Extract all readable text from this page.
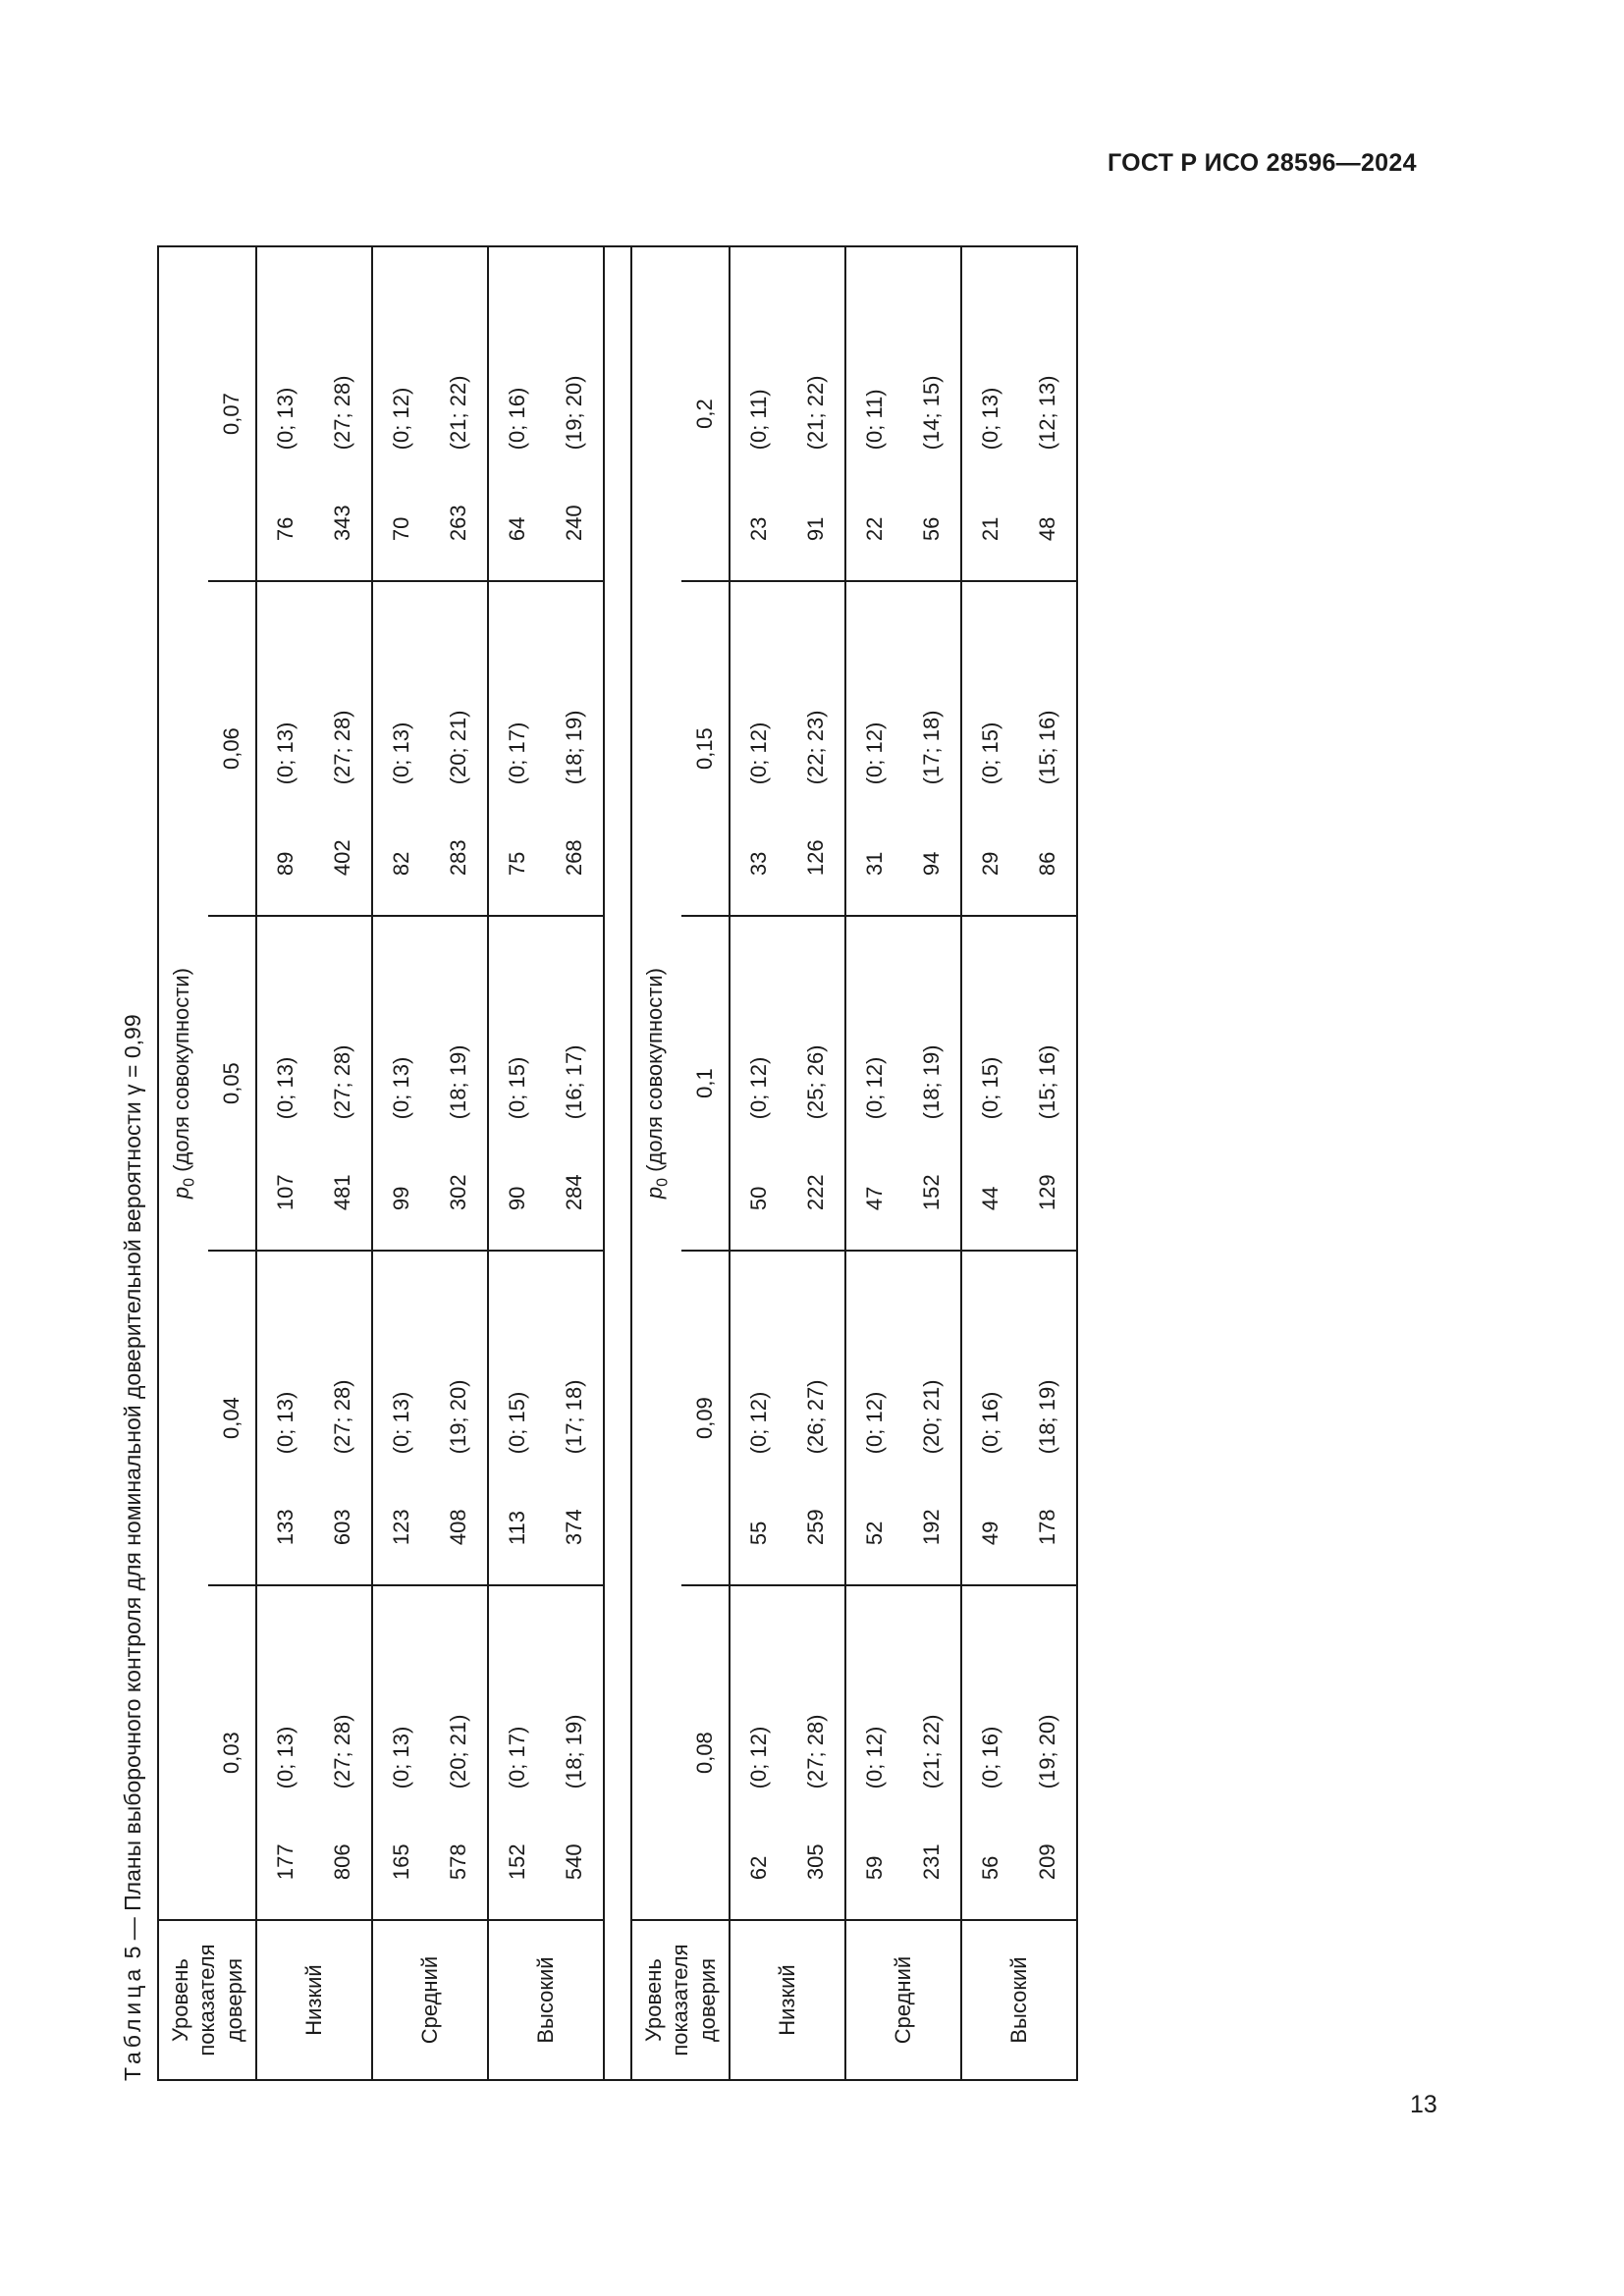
ГОСТ Р ИСО 28596—2024
13
Таблица 5 — Планы выборочного контроля для номинальной доверительной вероятности γ = 0,99
Уровень показателя доверия	$p_0$ (доля совокупности)									
	0,03		0,04		0,05		0,06		0,07	
Низкий	177	(0; 13)	133	(0; 13)	107	(0; 13)	89	(0; 13)	76	(0; 13)
	806	(27; 28)	603	(27; 28)	481	(27; 28)	402	(27; 28)	343	(27; 28)
Средний	165	(0; 13)	123	(0; 13)	99	(0; 13)	82	(0; 13)	70	(0; 12)
	578	(20; 21)	408	(19; 20)	302	(18; 19)	283	(20; 21)	263	(21; 22)
Высокий	152	(0; 17)	113	(0; 15)	90	(0; 15)	75	(0; 17)	64	(0; 16)
	540	(18; 19)	374	(17; 18)	284	(16; 17)	268	(18; 19)	240	(19; 20)

Уровень показателя доверия	$p_0$ (доля совокупности)									
	0,08		0,09		0,1		0,15		0,2	
Низкий	62	(0; 12)	55	(0; 12)	50	(0; 12)	33	(0; 12)	23	(0; 11)
	305	(27; 28)	259	(26; 27)	222	(25; 26)	126	(22; 23)	91	(21; 22)
Средний	59	(0; 12)	52	(0; 12)	47	(0; 12)	31	(0; 12)	22	(0; 11)
	231	(21; 22)	192	(20; 21)	152	(18; 19)	94	(17; 18)	56	(14; 15)
Высокий	56	(0; 16)	49	(0; 16)	44	(0; 15)	29	(0; 15)	21	(0; 13)
	209	(19; 20)	178	(18; 19)	129	(15; 16)	86	(15; 16)	48	(12; 13)
